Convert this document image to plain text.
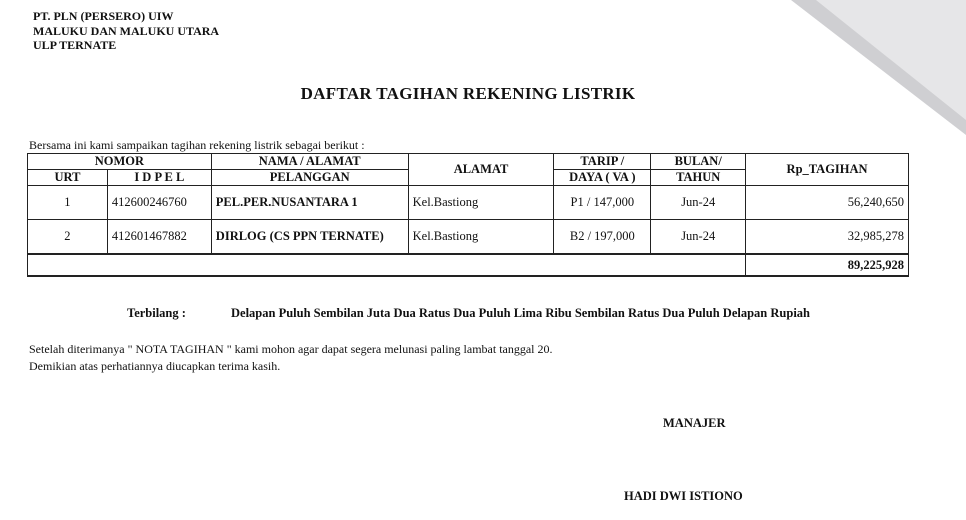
PT. PLN (PERSERO) UIW
MALUKU DAN MALUKU UTARA
ULP TERNATE
DAFTAR TAGIHAN REKENING LISTRIK
Bersama ini kami sampaikan tagihan rekening listrik sebagai berikut :
NOMOR		NAMA / ALAMAT	ALAMAT	TARIP /	BULAN/	Rp_TAGIHAN
URT	I D P E L	PELANGGAN		DAYA ( VA )	TAHUN	
1	412600246760	PEL.PER.NUSANTARA 1	Kel.Bastiong	P1 / 147,000	Jun-24	56,240,650
2	412601467882	DIRLOG (CS PPN TERNATE)	Kel.Bastiong	B2 / 197,000	Jun-24	32,985,278
						89,225,928
Terbilang :	Delapan Puluh Sembilan Juta Dua Ratus Dua Puluh Lima Ribu Sembilan Ratus Dua Puluh Delapan Rupiah
Setelah diterimanya " NOTA TAGIHAN " kami mohon agar dapat segera melunasi paling lambat tanggal 20.
Demikian atas perhatiannya diucapkan terima kasih.
MANAJER
HADI DWI ISTIONO
